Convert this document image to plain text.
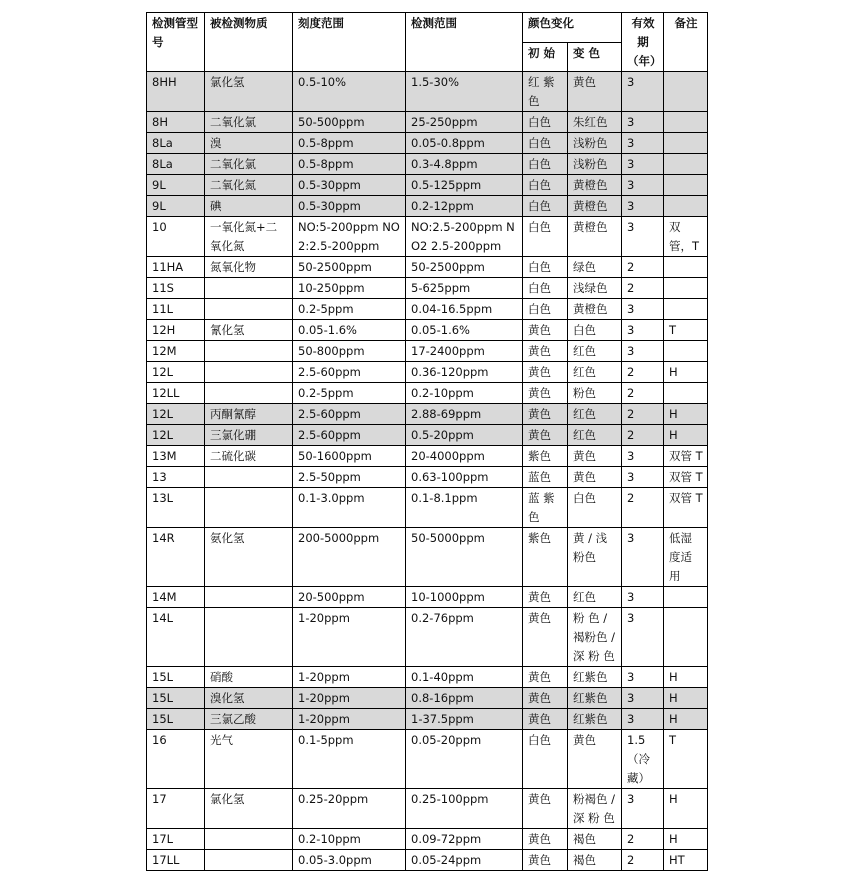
检测管型号	被检测物质	刻度范围	检测范围	颜色变化		有效期（年）	备注
				初 始	变 色		
8HH	氯化氢	0.5-10%	1.5-30%	红 紫 色	黄色	3	
8H	二氧化氯	50-500ppm	25-250ppm	白色	朱红色	3	
8La	溴	0.5-8ppm	0.05-0.8ppm	白色	浅粉色	3	
8La	二氧化氯	0.5-8ppm	0.3-4.8ppm	白色	浅粉色	3	
9L	二氧化氮	0.5-30ppm	0.5-125ppm	白色	黄橙色	3	
9L	碘	0.5-30ppm	0.2-12ppm	白色	黄橙色	3	
10	一氧化氮+二氧化氮	NO:5-200ppm NO2:2.5-200ppm	NO:2.5-200ppm NO2 2.5-200ppm	白色	黄橙色	3	双管，T
11HA	氮氧化物	50-2500ppm	50-2500ppm	白色	绿色	2	
11S		10-250ppm	5-625ppm	白色	浅绿色	2	
11L		0.2-5ppm	0.04-16.5ppm	白色	黄橙色	3	
12H	氰化氢	0.05-1.6%	0.05-1.6%	黄色	白色	3	T
12M		50-800ppm	17-2400ppm	黄色	红色	3	
12L		2.5-60ppm	0.36-120ppm	黄色	红色	2	H
12LL		0.2-5ppm	0.2-10ppm	黄色	粉色	2	
12L	丙酮氰醇	2.5-60ppm	2.88-69ppm	黄色	红色	2	H
12L	三氯化硼	2.5-60ppm	0.5-20ppm	黄色	红色	2	H
13M	二硫化碳	50-1600ppm	20-4000ppm	紫色	黄色	3	双管 T
13		2.5-50ppm	0.63-100ppm	蓝色	黄色	3	双管 T
13L		0.1-3.0ppm	0.1-8.1ppm	蓝 紫 色	白色	2	双管 T
14R	氨化氢	200-5000ppm	50-5000ppm	紫色	黄 / 浅 粉色	3	低湿度适用
14M		20-500ppm	10-1000ppm	黄色	红色	3	
14L		1-20ppm	0.2-76ppm	黄色	粉 色 / 褐粉色 / 深 粉 色	3	
15L	硝酸	1-20ppm	0.1-40ppm	黄色	红紫色	3	H
15L	溴化氢	1-20ppm	0.8-16ppm	黄色	红紫色	3	H
15L	三氯乙酸	1-20ppm	1-37.5ppm	黄色	红紫色	3	H
16	光气	0.1-5ppm	0.05-20ppm	白色	黄色	1.5 （冷藏）	T
17	氯化氢	0.25-20ppm	0.25-100ppm	黄色	粉褐色 / 深 粉 色	3	H
17L		0.2-10ppm	0.09-72ppm	黄色	褐色	2	H
17LL		0.05-3.0ppm	0.05-24ppm	黄色	褐色	2	HT
